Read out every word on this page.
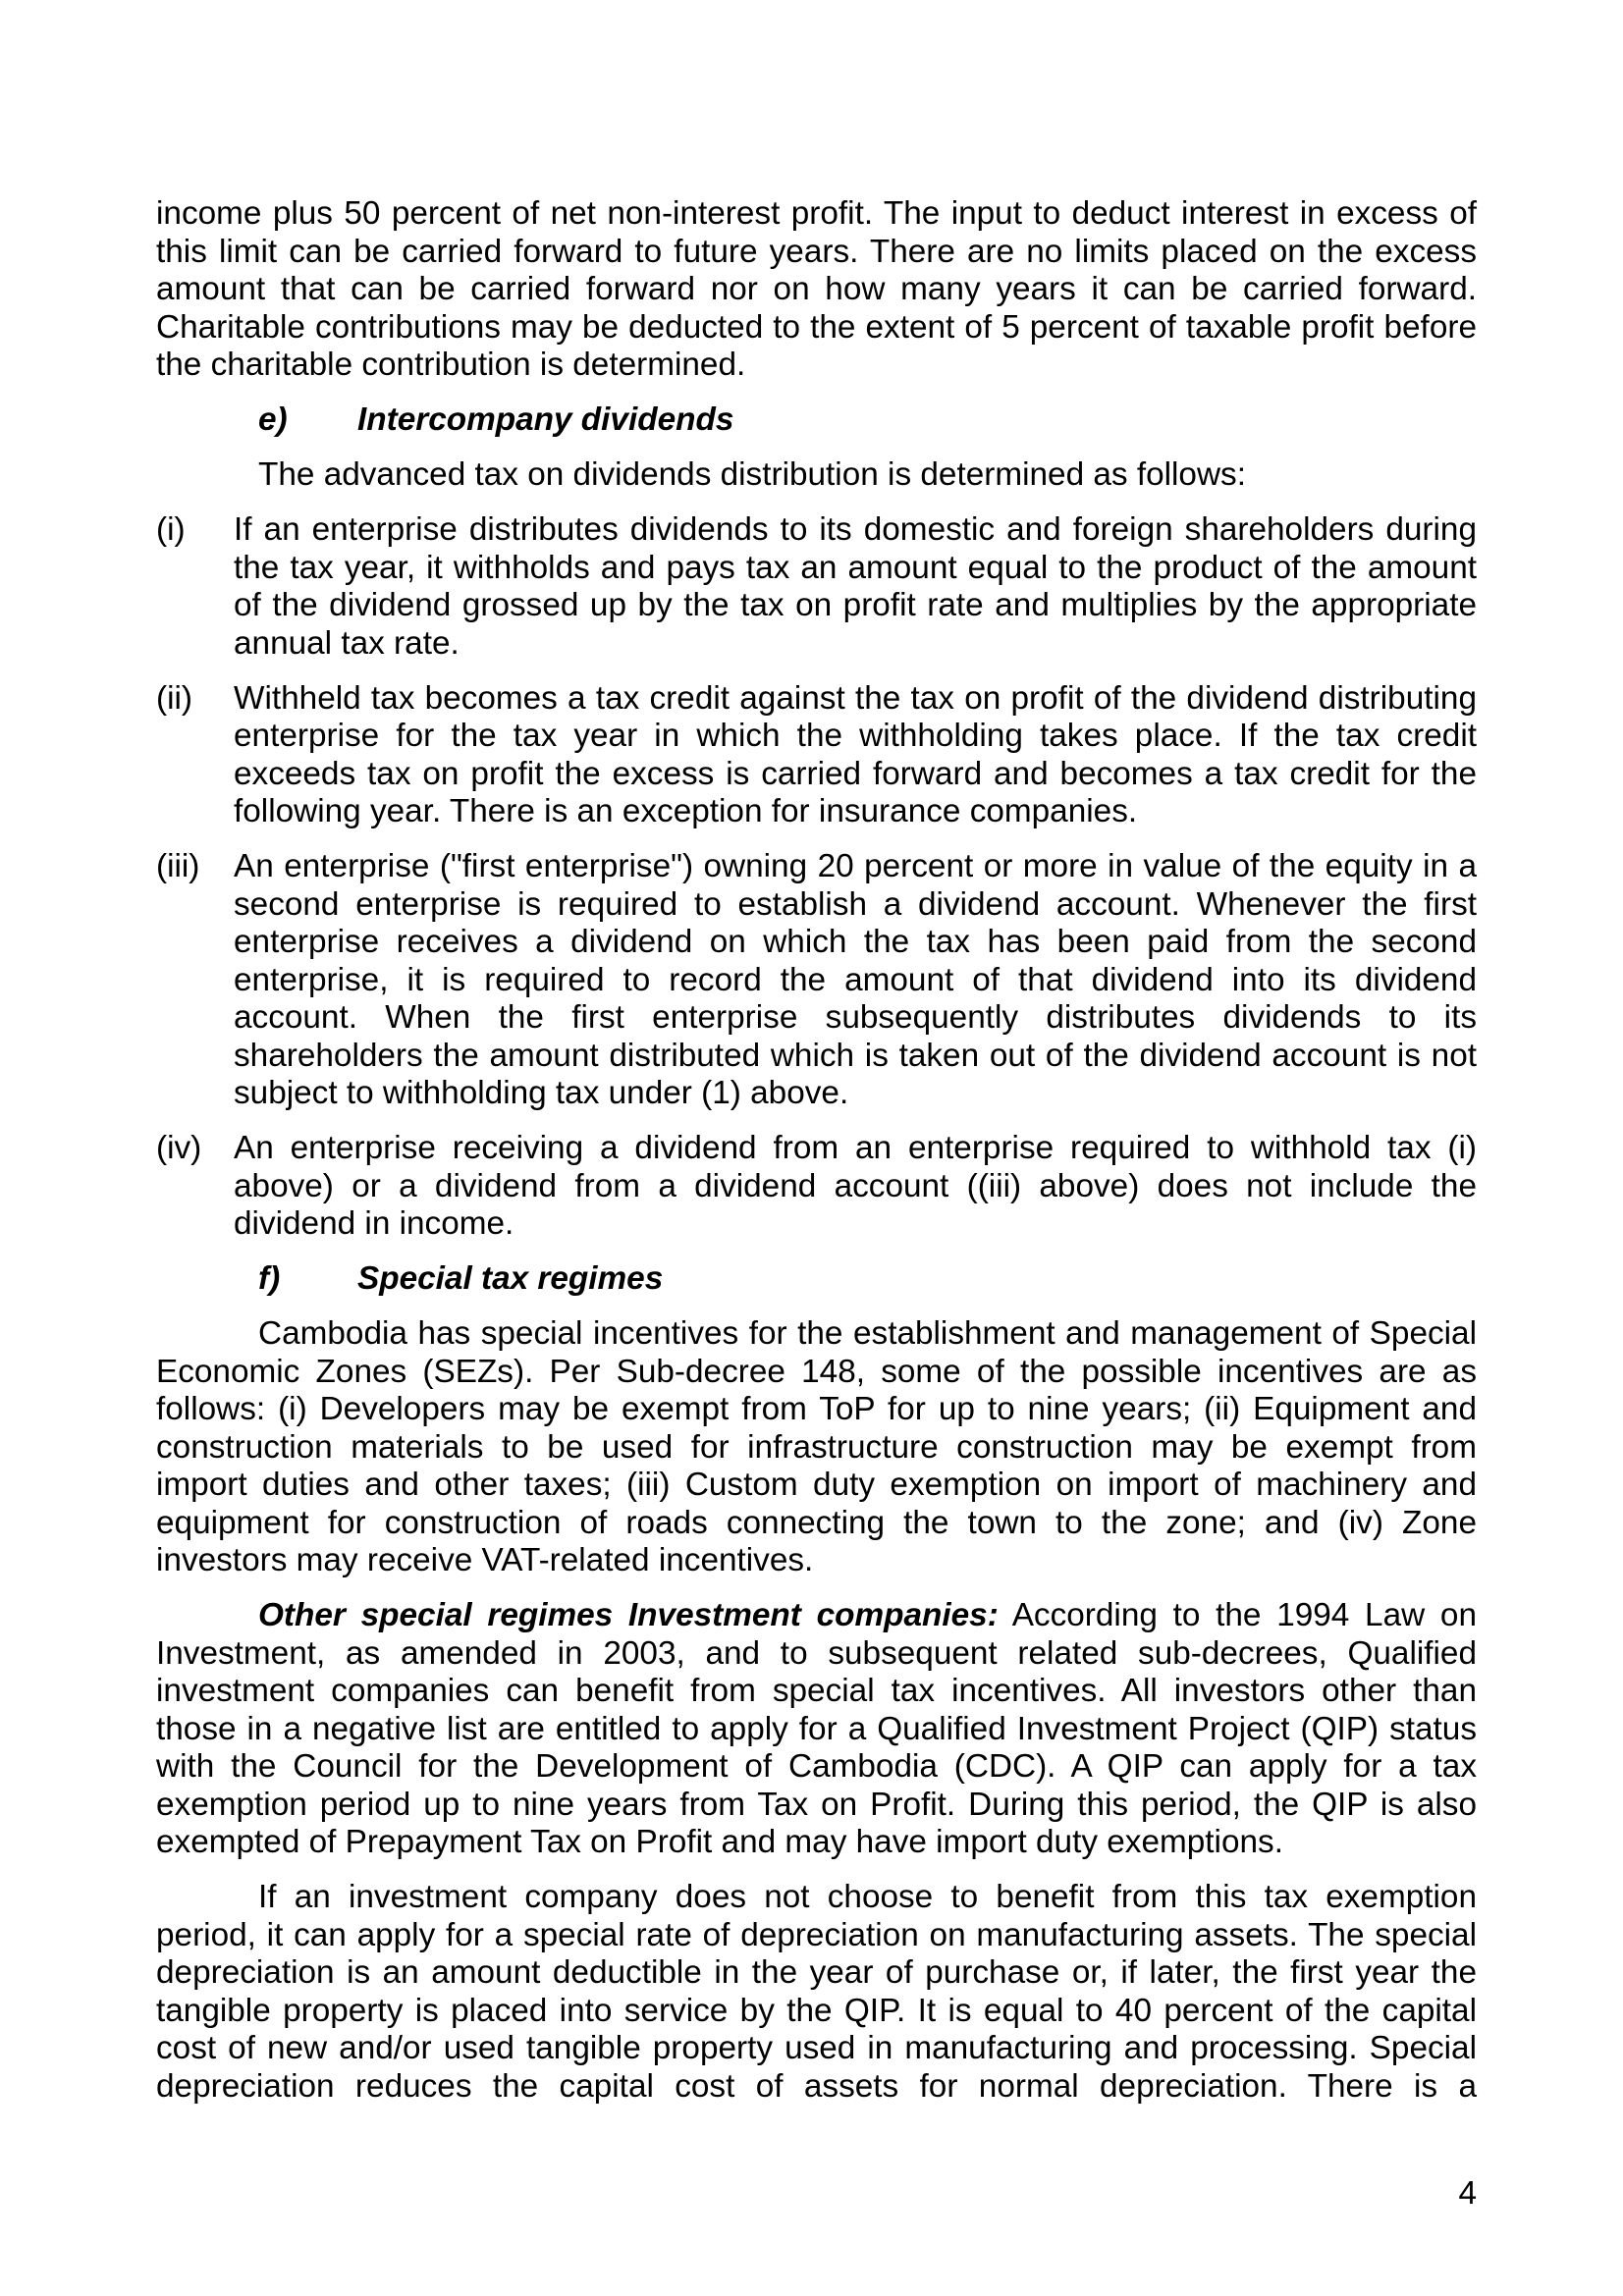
income plus 50 percent of net non-interest profit. The input to deduct interest in excess of
this limit can be carried forward to future years. There are no limits placed on the excess
amount that can be carried forward nor on how many years it can be carried forward.
Charitable contributions may be deducted to the extent of 5 percent of taxable profit before
the charitable contribution is determined.
e) Intercompany dividends
The advanced tax on dividends distribution is determined as follows:
(i) If an enterprise distributes dividends to its domestic and foreign shareholders during
the tax year, it withholds and pays tax an amount equal to the product of the amount
of the dividend grossed up by the tax on profit rate and multiplies by the appropriate
annual tax rate.
(ii) Withheld tax becomes a tax credit against the tax on profit of the dividend distributing
enterprise for the tax year in which the withholding takes place. If the tax credit
exceeds tax on profit the excess is carried forward and becomes a tax credit for the
following year. There is an exception for insurance companies.
(iii) An enterprise ("first enterprise") owning 20 percent or more in value of the equity in a
second enterprise is required to establish a dividend account. Whenever the first
enterprise receives a dividend on which the tax has been paid from the second
enterprise, it is required to record the amount of that dividend into its dividend
account. When the first enterprise subsequently distributes dividends to its
shareholders the amount distributed which is taken out of the dividend account is not
subject to withholding tax under (1) above.
(iv) An enterprise receiving a dividend from an enterprise required to withhold tax (i)
above) or a dividend from a dividend account ((iii) above) does not include the
dividend in income.
f) Special tax regimes
Cambodia has special incentives for the establishment and management of Special
Economic Zones (SEZs). Per Sub-decree 148, some of the possible incentives are as
follows: (i) Developers may be exempt from ToP for up to nine years; (ii) Equipment and
construction materials to be used for infrastructure construction may be exempt from
import duties and other taxes; (iii) Custom duty exemption on import of machinery and
equipment for construction of roads connecting the town to the zone; and (iv) Zone
investors may receive VAT-related incentives.
Other special regimes Investment companies: According to the 1994 Law on
Investment, as amended in 2003, and to subsequent related sub-decrees, Qualified
investment companies can benefit from special tax incentives. All investors other than
those in a negative list are entitled to apply for a Qualified Investment Project (QIP) status
with the Council for the Development of Cambodia (CDC). A QIP can apply for a tax
exemption period up to nine years from Tax on Profit. During this period, the QIP is also
exempted of Prepayment Tax on Profit and may have import duty exemptions.
If an investment company does not choose to benefit from this tax exemption
period, it can apply for a special rate of depreciation on manufacturing assets. The special
depreciation is an amount deductible in the year of purchase or, if later, the first year the
tangible property is placed into service by the QIP. It is equal to 40 percent of the capital
cost of new and/or used tangible property used in manufacturing and processing. Special
depreciation reduces the capital cost of assets for normal depreciation. There is a
4
